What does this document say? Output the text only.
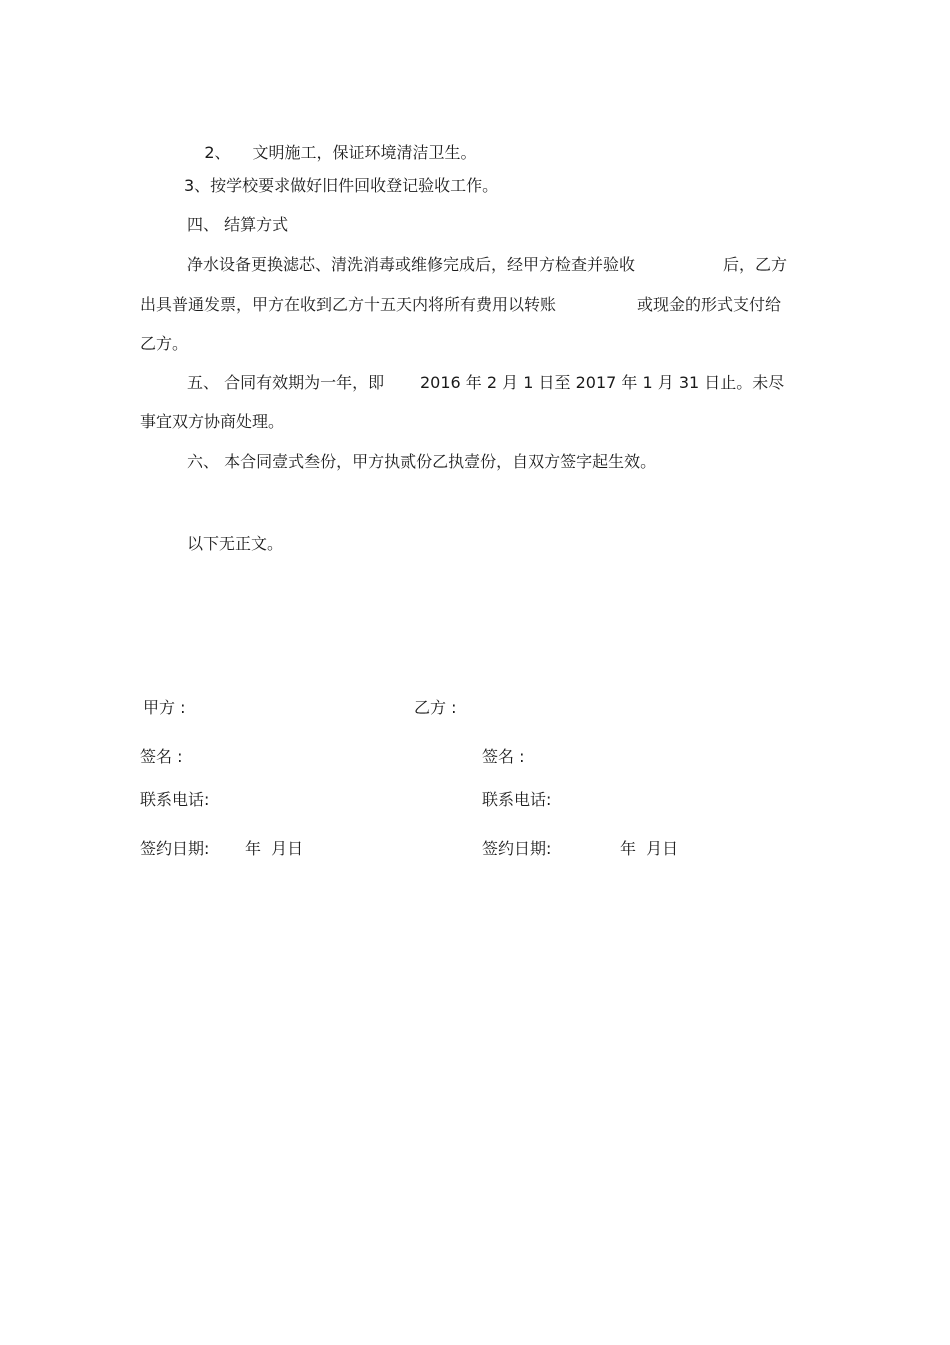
2、 文明施工，保证环境清洁卫生。

3、按学校要求做好旧件回收登记验收工作。
四、 结算方式
净水设备更换滤芯、清洗消毒或维修完成后，经甲方检查并验收	后，乙方
出具普通发票，甲方在收到乙方十五天内将所有费用以转账	或现金的形式支付给
乙方。
五、 合同有效期为一年，即 2016 年 2 月 1 日至 2017 年 1 月 31 日止。未尽
事宜双方协商处理。
六、 本合同壹式叁份，甲方执贰份乙执壹份，自双方签字起生效。
以下无正文。
甲方 :	乙方 :
签名 :	签名 :
联系电话:	联系电话:
签约日期: 年  月日	签约日期:	年  月日
